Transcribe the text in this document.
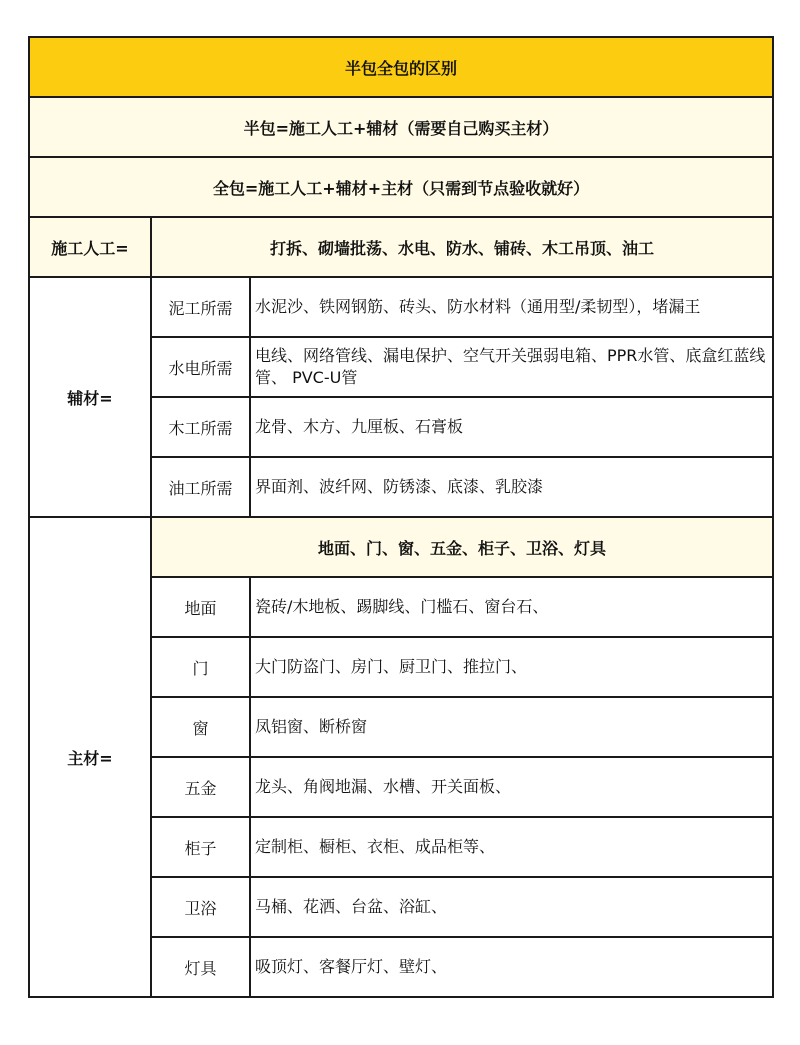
半包全包的区别		
半包=施工人工+辅材（需要自己购买主材）		
全包=施工人工+辅材+主材（只需到节点验收就好）		
施工人工=	打拆、砌墙批荡、水电、防水、铺砖、木工吊顶、油工	
辅材=	泥工所需	水泥沙、铁网钢筋、砖头、防水材料（通用型/柔韧型），堵漏王
	水电所需	电线、网络管线、漏电保护、空气开关强弱电箱、PPR水管、底盒红蓝线管、 PVC-U管
	木工所需	龙骨、木方、九厘板、石膏板
	油工所需	界面剂、波纤网、防锈漆、底漆、乳胶漆
主材=	地面、门、窗、五金、柜子、卫浴、灯具	
	地面	瓷砖/木地板、踢脚线、门槛石、窗台石、
	门	大门防盗门、房门、厨卫门、推拉门、
	窗	凤铝窗、断桥窗
	五金	龙头、角阀地漏、水槽、开关面板、
	柜子	定制柜、橱柜、衣柜、成品柜等、
	卫浴	马桶、花洒、台盆、浴缸、
	灯具	吸顶灯、客餐厅灯、壁灯、
